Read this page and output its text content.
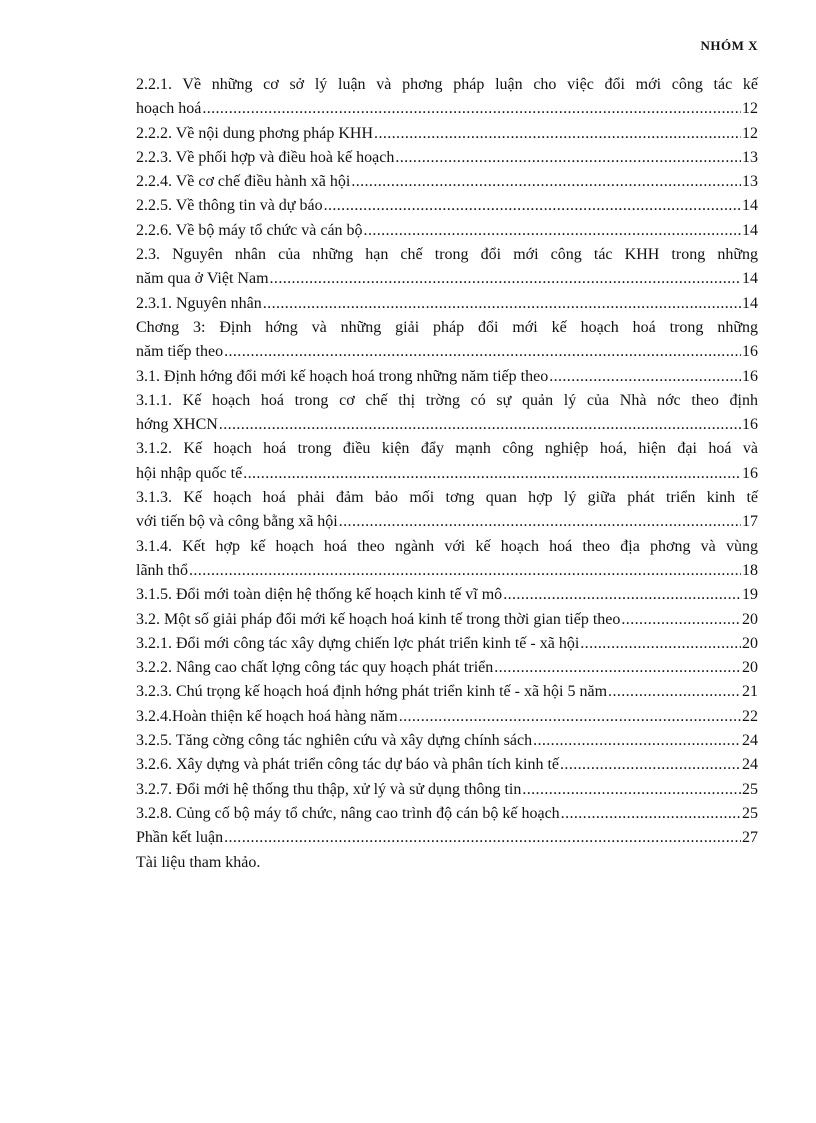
NHÓM X
2.2.1. Về những cơ sở lý luận và phơng pháp luận cho việc đổi mới công tác kế
hoạch hoá .....	12
2.2.2. Về nội dung phơng pháp KHH .....	12
2.2.3. Về phối hợp và điều hoà kế hoạch .....	13
2.2.4. Về cơ chế điều hành xã hội .....	13
2.2.5. Về thông tin và dự báo .....	14
2.2.6. Về bộ máy tổ chức và cán bộ .....	14
2.3. Nguyên nhân của những hạn chế trong đổi mới công tác KHH trong những
năm qua ở Việt Nam .....	14
2.3.1. Nguyên nhân .....	14
Chơng 3: Định hớng và những giải pháp đổi mới kế hoạch hoá trong những
năm tiếp theo .....	16
3.1. Định hớng đổi mới kế hoạch hoá trong những năm tiếp theo .....	16
3.1.1. Kế hoạch hoá trong cơ chế thị trờng có sự quản lý của Nhà nớc theo định
hớng XHCN .....	16
3.1.2. Kế hoạch hoá trong điều kiện đẩy mạnh công nghiệp hoá, hiện đại hoá và
hội nhập quốc tế .....	16
3.1.3. Kế hoạch hoá phải đảm bảo mối tơng quan hợp lý giữa phát triển kinh tế
với tiến bộ và công bằng xã hội .....	17
3.1.4. Kết hợp kế hoạch hoá theo ngành với kế hoạch hoá theo địa phơng và vùng
lãnh thổ .....	18
3.1.5. Đổi mới toàn diện hệ thống kế hoạch kinh tế vĩ mô .....	19
3.2. Một số giải pháp đổi mới kế hoạch hoá kinh tế trong thời gian tiếp theo .....	20
3.2.1. Đổi mới công tác xây dựng chiến lợc phát triển kinh tế - xã hội .....	20
3.2.2. Nâng cao chất lợng công tác quy hoạch phát triển .....	20
3.2.3. Chú trọng kế hoạch hoá định hớng phát triển kinh tế - xã hội 5 năm .....	21
3.2.4.Hoàn thiện kế hoạch hoá hàng năm .....	22
3.2.5. Tăng cờng công tác nghiên cứu và xây dựng chính sách .....	24
3.2.6. Xây dựng và phát triển công tác dự báo và phân tích kinh tế .....	24
3.2.7. Đổi mới hệ thống thu thập, xử lý và sử dụng thông tin .....	25
3.2.8. Củng cố bộ máy tổ chức, nâng cao trình độ cán bộ kế hoạch .....	25
Phần kết luận .....	27
Tài liệu tham khảo.
